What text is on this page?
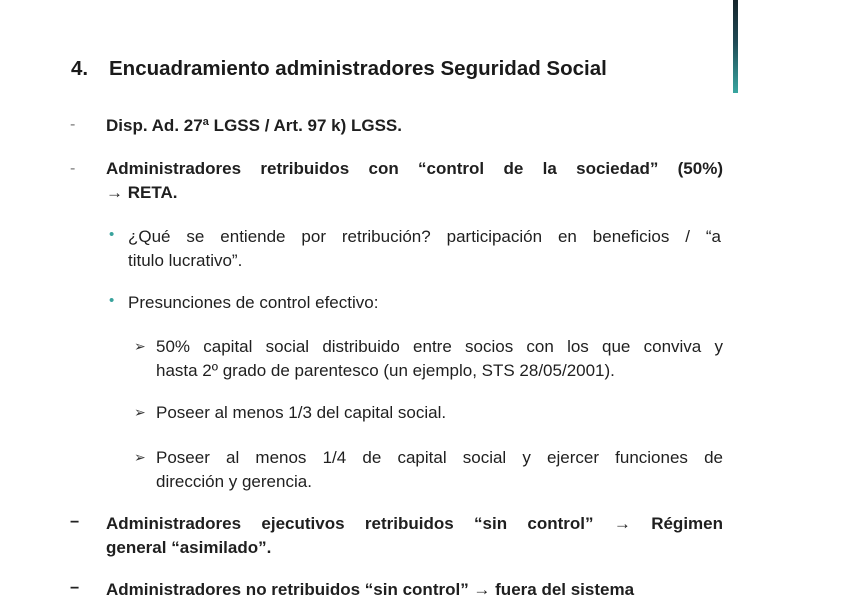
4. Encuadramiento administradores Seguridad Social
- Disp. Ad. 27ª LGSS / Art. 97 k) LGSS.
- Administradores retribuidos con “control de la sociedad” (50%)
→ RETA.
• ¿Qué se entiende por retribución? participación en beneficios / “a
titulo lucrativo”.
• Presunciones de control efectivo:
➢ 50% capital social distribuido entre socios con los que conviva y
hasta 2º grado de parentesco (un ejemplo, STS 28/05/2001).
➢ Poseer al menos 1/3 del capital social.
➢ Poseer al menos 1/4 de capital social y ejercer funciones de
dirección y gerencia.
− Administradores ejecutivos retribuidos “sin control” → Régimen
general “asimilado”.
− Administradores no retribuidos “sin control” → fuera del sistema
